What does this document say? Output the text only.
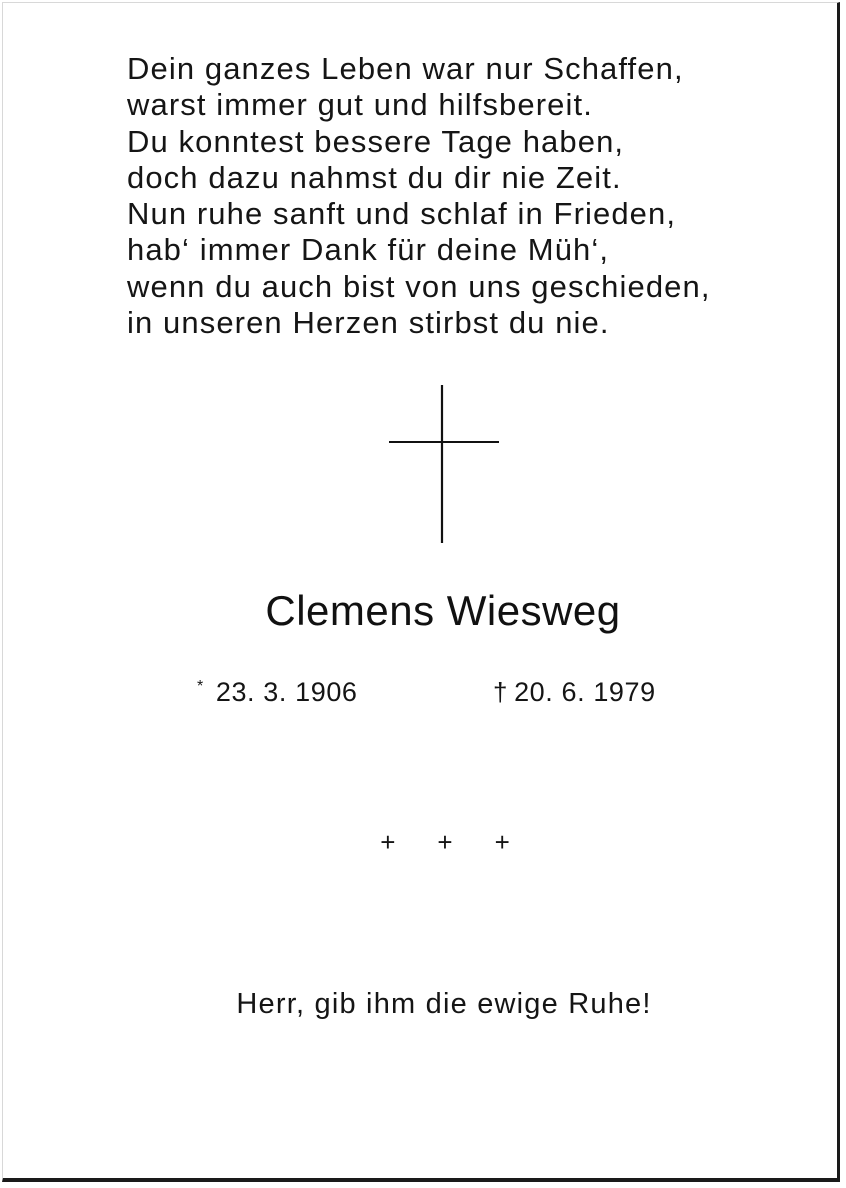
Dein ganzes Leben war nur Schaffen,
warst immer gut und hilfsbereit.
Du konntest bessere Tage haben,
doch dazu nahmst du dir nie Zeit.
Nun ruhe sanft und schlaf in Frieden,
hab‘ immer Dank für deine Müh‘,
wenn du auch bist von uns geschieden,
in unseren Herzen stirbst du nie.
Clemens Wiesweg
* 23. 3. 1906	† 20. 6. 1979
+ + +
Herr, gib ihm die ewige Ruhe!
